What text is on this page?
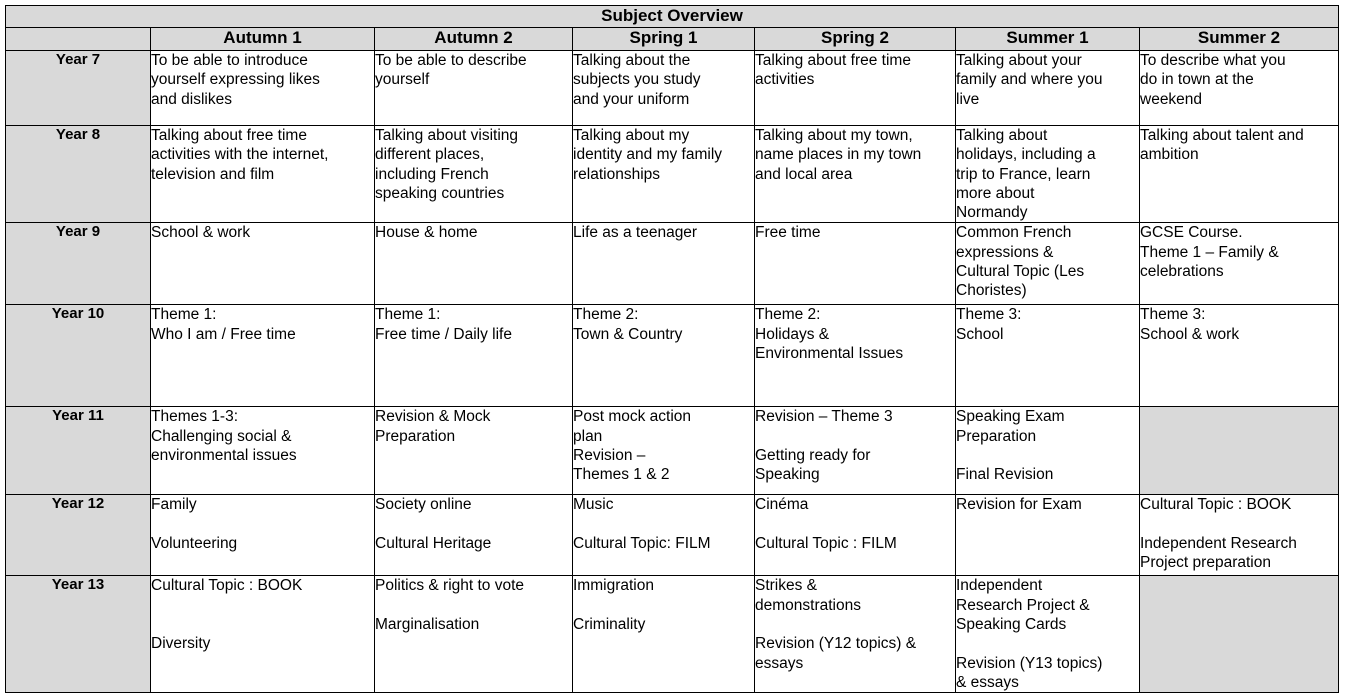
Subject Overview						
	Autumn 1	Autumn 2	Spring 1	Spring 2	Summer 1	Summer 2
Year 7	To be able to introduce
yourself expressing likes
and dislikes	To be able to describe
yourself	Talking about the
subjects you study
and your uniform	Talking about free time
activities	Talking about your
family and where you
live	To describe what you
do in town at the
weekend

Year 8	Talking about free time
activities with the internet,
television and film	Talking about visiting
different places,
including French
speaking countries	Talking about my
identity and my family
relationships	Talking about my town,
name places in my town
and local area	Talking about
holidays, including a
trip to France, learn
more about
Normandy	Talking about talent and
ambition

Year 9	School & work	House & home	Life as a teenager	Free time	Common French
expressions &
Cultural Topic (Les
Choristes)	GCSE Course.
Theme 1 – Family &
celebrations

Year 10	Theme 1:
Who I am / Free time	Theme 1:
Free time / Daily life	Theme 2:
Town & Country	Theme 2:
Holidays &
Environmental Issues	Theme 3:
School	Theme 3:
School & work

Year 11	Themes 1-3:
Challenging social &
environmental issues	Revision & Mock
Preparation	Post mock action
plan
Revision –
Themes 1 & 2	Revision – Theme 3

Getting ready for
Speaking	Speaking Exam
Preparation

Final Revision	

Year 12	Family

Volunteering	Society online

Cultural Heritage	Music

Cultural Topic: FILM	Cinéma

Cultural Topic : FILM	Revision for Exam	Cultural Topic : BOOK

Independent Research
Project preparation

Year 13	Cultural Topic : BOOK

Diversity	Politics & right to vote

Marginalisation	Immigration

Criminality	Strikes &
demonstrations

Revision (Y12 topics) &
essays	Independent
Research Project &
Speaking Cards

Revision (Y13 topics)
& essays	
